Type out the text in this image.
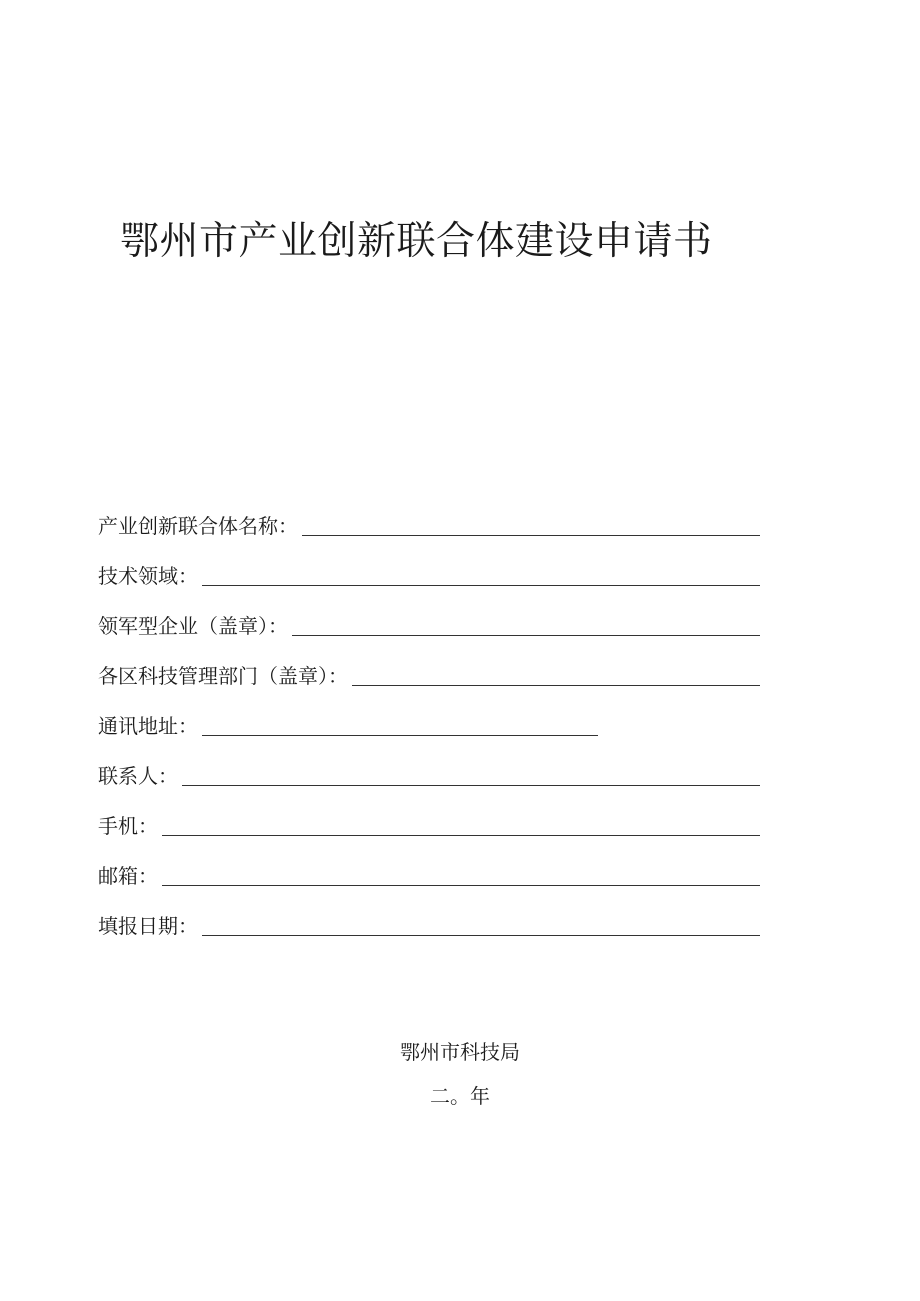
鄂州市产业创新联合体建设申请书
产业创新联合体名称：
技术领域：
领军型企业（盖章）：
各区科技管理部门（盖章）：
通讯地址：
联系人：
手机：
邮箱：
填报日期：
鄂州市科技局
二。年
